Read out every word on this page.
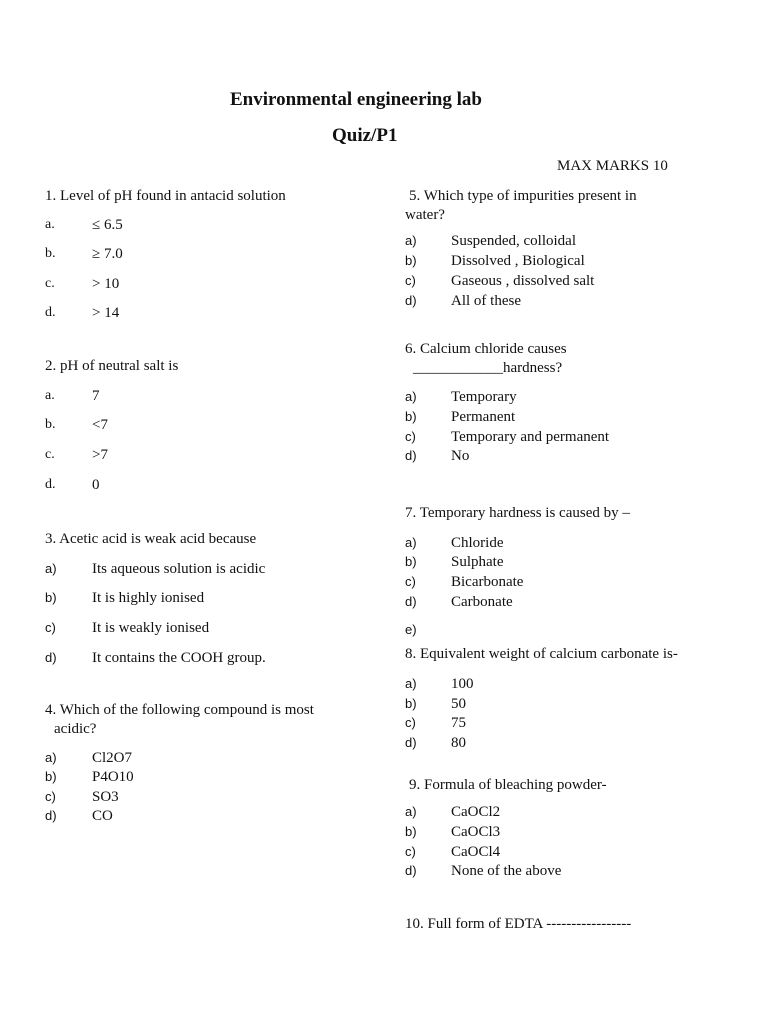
Environmental engineering lab
Quiz/P1
MAX MARKS 10
1. Level of pH found in antacid solution
a. ≤ 6.5
b. ≥ 7.0
c. > 10
d. > 14
2. pH of neutral salt is
a. 7
b. <7
c. >7
d. 0
3. Acetic acid is weak acid because
a) Its aqueous solution is acidic
b) It is highly ionised
c) It is weakly ionised
d) It contains the COOH group.
4. Which of the following compound is most
acidic?
a) Cl2O7
b) P4O10
c) SO3
d) CO
5. Which type of impurities present in
water?
a) Suspended, colloidal
b) Dissolved , Biological
c) Gaseous , dissolved salt
d) All of these
6. Calcium chloride causes
____________hardness?
a) Temporary
b) Permanent
c) Temporary and permanent
d) No
7. Temporary hardness is caused by –
a) Chloride
b) Sulphate
c) Bicarbonate
d) Carbonate
e)
8. Equivalent weight of calcium carbonate is-
a) 100
b) 50
c) 75
d) 80
9. Formula of bleaching powder-
a) CaOCl2
b) CaOCl3
c) CaOCl4
d) None of the above
10. Full form of EDTA -----------------
